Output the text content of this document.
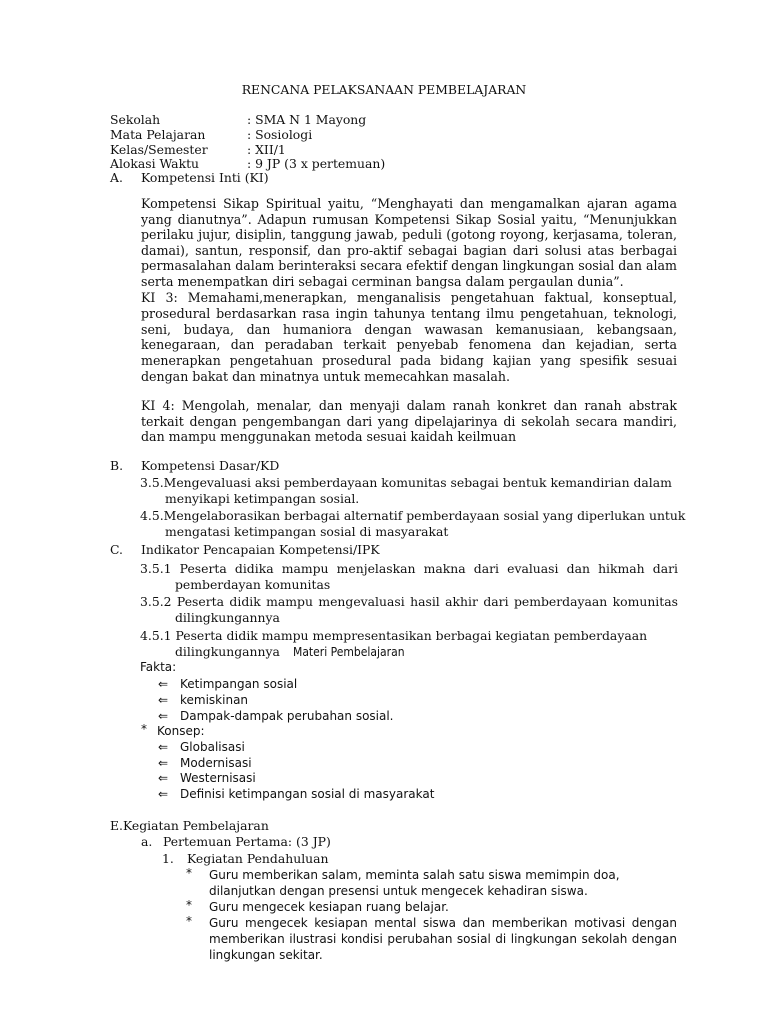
RENCANA PELAKSANAAN PEMBELAJARAN
Sekolah	: SMA N 1 Mayong
Mata Pelajaran	: Sosiologi
Kelas/Semester	: XII/1
Alokasi Waktu	: 9 JP (3 x pertemuan)
A. Kompetensi Inti (KI)

Kompetensi Sikap Spiritual yaitu, “Menghayati dan mengamalkan ajaran agama yang dianutnya”. Adapun rumusan Kompetensi Sikap Sosial yaitu, “Menunjukkan perilaku jujur, disiplin, tanggung jawab, peduli (gotong royong, kerjasama, toleran, damai), santun, responsif, dan pro-aktif sebagai bagian dari solusi atas berbagai permasalahan dalam berinteraksi secara efektif dengan lingkungan sosial dan alam serta menempatkan diri sebagai cerminan bangsa dalam pergaulan dunia”.

KI 3: Memahami,menerapkan, menganalisis pengetahuan faktual, konseptual, prosedural berdasarkan rasa ingin tahunya tentang ilmu pengetahuan, teknologi, seni, budaya, dan humaniora dengan wawasan kemanusiaan, kebangsaan, kenegaraan, dan peradaban terkait penyebab fenomena dan kejadian, serta menerapkan pengetahuan prosedural pada bidang kajian yang spesifik sesuai dengan bakat dan minatnya untuk memecahkan masalah.

KI 4: Mengolah, menalar, dan menyaji dalam ranah konkret dan ranah abstrak terkait dengan pengembangan dari yang dipelajarinya di sekolah secara mandiri, dan mampu menggunakan metoda sesuai kaidah keilmuan

B. Kompetensi Dasar/KD
3.5.Mengevaluasi aksi pemberdayaan komunitas sebagai bentuk kemandirian dalam
menyikapi ketimpangan sosial.
4.5.Mengelaborasikan berbagai alternatif pemberdayaan sosial yang diperlukan untuk
mengatasi ketimpangan sosial di masyarakat
C. Indikator Pencapaian Kompetensi/IPK
3.5.1 Peserta didika mampu menjelaskan makna dari evaluasi dan hikmah dari
pemberdayan komunitas
3.5.2 Peserta didik mampu mengevaluasi hasil akhir dari pemberdayaan komunitas
dilingkungannya
4.5.1 Peserta didik mampu mempresentasikan berbagai kegiatan pemberdayaan
dilingkungannya Materi Pembelajaran
Fakta:
⇐ Ketimpangan sosial
⇐ kemiskinan
⇐ Dampak-dampak perubahan sosial.
* Konsep:
⇐ Globalisasi
⇐ Modernisasi
⇐ Westernisasi
⇐ Definisi ketimpangan sosial di masyarakat
E.Kegiatan Pembelajaran
a. Pertemuan Pertama: (3 JP)
1. Kegiatan Pendahuluan
* Guru memberikan salam, meminta salah satu siswa memimpin doa,
dilanjutkan dengan presensi untuk mengecek kehadiran siswa.
* Guru mengecek kesiapan ruang belajar.
* Guru mengecek kesiapan mental siswa dan memberikan motivasi dengan
memberikan ilustrasi kondisi perubahan sosial di lingkungan sekolah dengan
lingkungan sekitar.
